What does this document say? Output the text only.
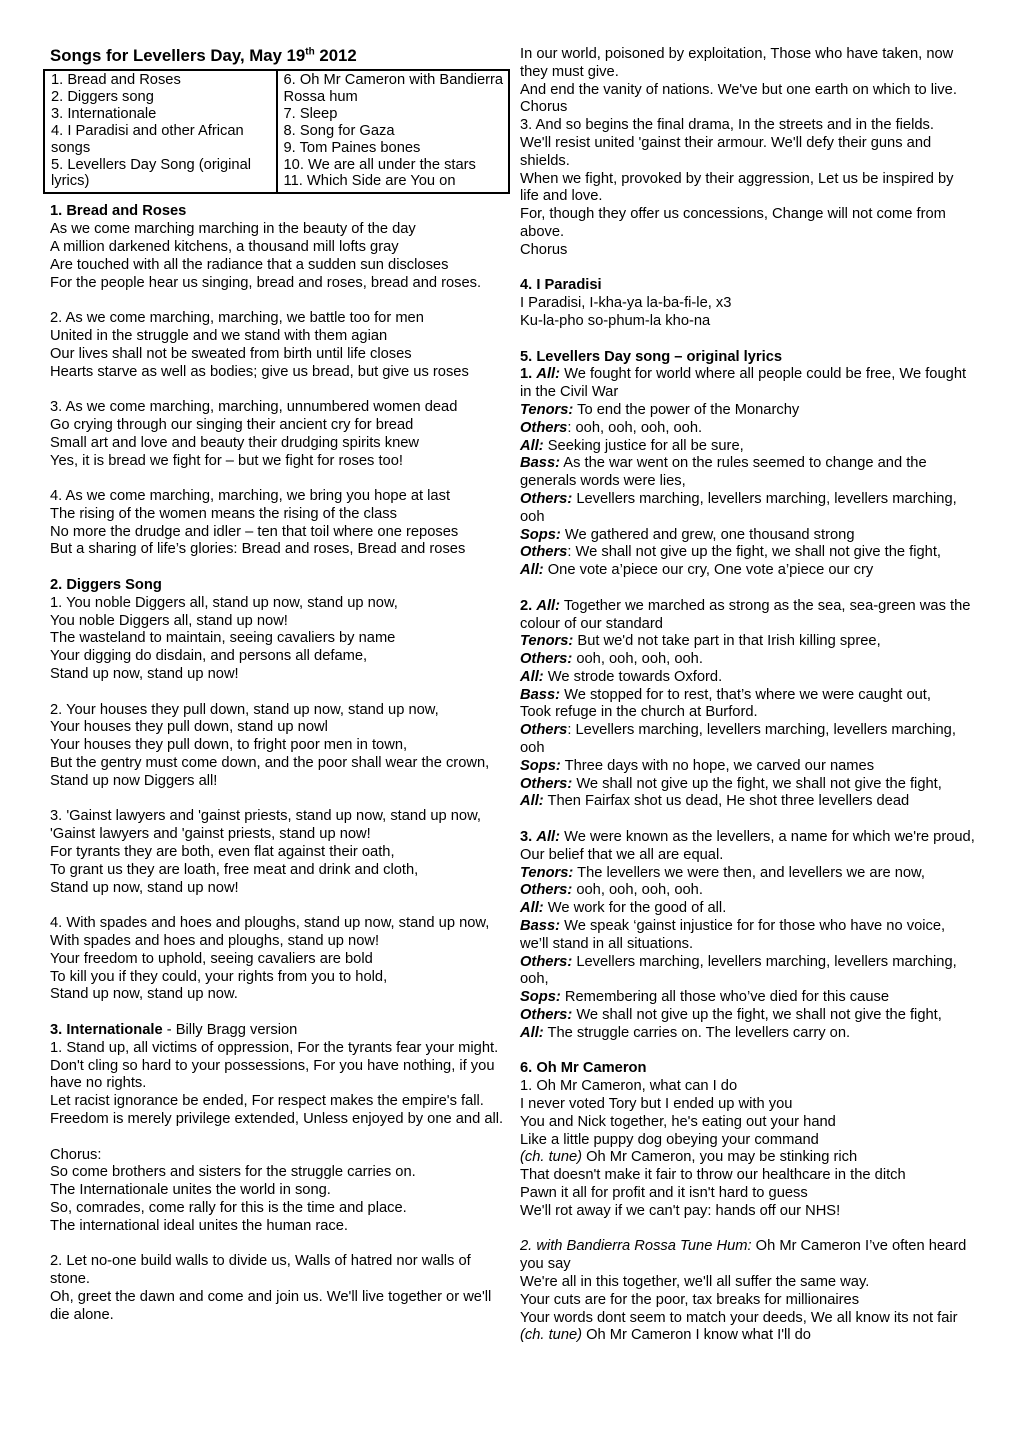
Songs for Levellers Day, May 19th 2012
1. Bread and Roses
2. Diggers song
3. Internationale
4. I Paradisi and other African songs
5. Levellers Day Song (original lyrics)

6. Oh Mr Cameron with Bandierra Rossa hum
7. Sleep
8. Song for Gaza
9. Tom Paines bones
10. We are all under the stars
11. Which Side are You on
1. Bread and Roses
As we come marching marching in the beauty of the day
A million darkened kitchens, a thousand mill lofts gray
Are touched with all the radiance that a sudden sun discloses
For the people hear us singing, bread and roses, bread and roses.
2. As we come marching, marching, we battle too for men
United in the struggle and we stand with them agian
Our lives shall not be sweated from birth until life closes
Hearts starve as well as bodies; give us bread, but give us roses
3. As we come marching, marching, unnumbered women dead
Go crying through our singing their ancient cry for bread
Small art and love and beauty their drudging spirits knew
Yes, it is bread we fight for – but we fight for roses too!
4. As we come marching, marching, we bring you hope at last
The rising of the women means the rising of the class
No more the drudge and idler – ten that toil where one reposes
But a sharing of life’s glories: Bread and roses, Bread and roses
2. Diggers Song
1. You noble Diggers all, stand up now, stand up now,
You noble Diggers all, stand up now!
The wasteland to maintain, seeing cavaliers by name
Your digging do disdain, and persons all defame,
Stand up now, stand up now!
2. Your houses they pull down, stand up now, stand up now,
Your houses they pull down, stand up nowl
Your houses they pull down, to fright poor men in town,
But the gentry must come down, and the poor shall wear the crown,
Stand up now Diggers all!
3. 'Gainst lawyers and 'gainst priests, stand up now, stand up now,
'Gainst lawyers and 'gainst priests, stand up now!
For tyrants they are both, even flat against their oath,
To grant us they are loath, free meat and drink and cloth,
Stand up now, stand up now!
4. With spades and hoes and ploughs, stand up now, stand up now,
With spades and hoes and ploughs, stand up now!
Your freedom to uphold, seeing cavaliers are bold
To kill you if they could, your rights from you to hold,
Stand up now, stand up now.
3. Internationale - Billy Bragg version
1. Stand up, all victims of oppression, For the tyrants fear your might.
Don't cling so hard to your possessions, For you have nothing, if you have no rights.
Let racist ignorance be ended, For respect makes the empire's fall.
Freedom is merely privilege extended, Unless enjoyed by one and all.
Chorus:
So come brothers and sisters for the struggle carries on.
The Internationale unites the world in song.
So, comrades, come rally for this is the time and place.
The international ideal unites the human race.
2. Let no-one build walls to divide us, Walls of hatred nor walls of stone.
Oh, greet the dawn and come and join us. We'll live together or we'll die alone.
In our world, poisoned by exploitation, Those who have taken, now they must give.
And end the vanity of nations. We've but one earth on which to live.
Chorus
3. And so begins the final drama, In the streets and in the fields.
We'll resist united 'gainst their armour. We'll defy their guns and shields.
When we fight, provoked by their aggression, Let us be inspired by life and love.
For, though they offer us concessions, Change will not come from above.
Chorus
4. I Paradisi
I Paradisi, I-kha-ya la-ba-fi-le, x3
Ku-la-pho so-phum-la kho-na
5. Levellers Day song – original lyrics
1. All: We fought for world where all people could be free, We fought in the Civil War
Tenors: To end the power of the Monarchy
Others: ooh, ooh, ooh, ooh.
All: Seeking justice for all be sure,
Bass: As the war went on the rules seemed to change and the generals words were lies,
Others: Levellers marching, levellers marching, levellers marching, ooh
Sops: We gathered and grew, one thousand strong
Others: We shall not give up the fight, we shall not give the fight,
All: One vote a’piece our cry, One vote a’piece our cry
2. All: Together we marched as strong as the sea, sea-green was the colour of our standard
Tenors: But we'd not take part in that Irish killing spree,
Others: ooh, ooh, ooh, ooh.
All: We strode towards Oxford.
Bass: We stopped for to rest, that’s where we were caught out,
Took refuge in the church at Burford.
Others: Levellers marching, levellers marching, levellers marching, ooh
Sops: Three days with no hope, we carved our names
Others: We shall not give up the fight, we shall not give the fight,
All: Then Fairfax shot us dead, He shot three levellers dead
3. All: We were known as the levellers, a name for which we're proud, Our belief that we all are equal.
Tenors: The levellers we were then, and levellers we are now,
Others: ooh, ooh, ooh, ooh.
All: We work for the good of all.
Bass: We speak ‘gainst injustice for for those who have no voice, we’ll stand in all situations.
Others: Levellers marching, levellers marching, levellers marching, ooh,
Sops: Remembering all those who’ve died for this cause
Others: We shall not give up the fight, we shall not give the fight,
All: The struggle carries on. The levellers carry on.
6. Oh Mr Cameron
1. Oh Mr Cameron, what can I do
I never voted Tory but I ended up with you
You and Nick together, he's eating out your hand
Like a little puppy dog obeying your command
(ch. tune) Oh Mr Cameron, you may be stinking rich
That doesn't make it fair to throw our healthcare in the ditch
Pawn it all for profit and it isn't hard to guess
We'll rot away if we can't pay: hands off our NHS!
2. with Bandierra Rossa Tune Hum: Oh Mr Cameron I’ve often heard you say
We're all in this together, we'll all suffer the same way.
Your cuts are for the poor, tax breaks for millionaires
Your words dont seem to match your deeds, We all know its not fair
(ch. tune) Oh Mr Cameron I know what I'll do
